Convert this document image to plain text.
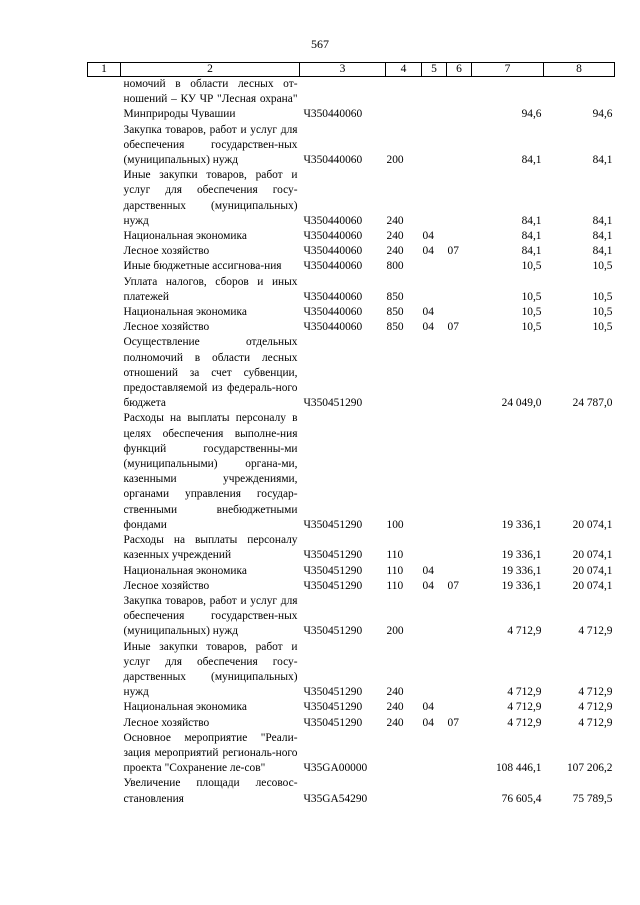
567
1	2	3	4	5	6	7	8
	номочий в области лесных от-ношений – КУ ЧР "Лесная охрана" Минприроды Чувашии	Ч350440060				94,6	94,6
	Закупка товаров, работ и услуг для обеспечения государствен-ных (муниципальных) нужд	Ч350440060	200			84,1	84,1
	Иные закупки товаров, работ и услуг для обеспечения госу-дарственных (муниципальных) нужд	Ч350440060	240			84,1	84,1
	Национальная экономика	Ч350440060	240	04		84,1	84,1
	Лесное хозяйство	Ч350440060	240	04	07	84,1	84,1
	Иные бюджетные ассигнова-ния	Ч350440060	800			10,5	10,5
	Уплата налогов, сборов и иных платежей	Ч350440060	850			10,5	10,5
	Национальная экономика	Ч350440060	850	04		10,5	10,5
	Лесное хозяйство	Ч350440060	850	04	07	10,5	10,5
	Осуществление отдельных полномочий в области лесных отношений за счет субвенции, предоставляемой из федераль-ного бюджета	Ч350451290				24 049,0	24 787,0
	Расходы на выплаты персоналу в целях обеспечения выполне-ния функций государственны-ми (муниципальными) органа-ми, казенными учреждениями, органами управления государ-ственными внебюджетными фондами	Ч350451290	100			19 336,1	20 074,1
	Расходы на выплаты персоналу казенных учреждений	Ч350451290	110			19 336,1	20 074,1
	Национальная экономика	Ч350451290	110	04		19 336,1	20 074,1
	Лесное хозяйство	Ч350451290	110	04	07	19 336,1	20 074,1
	Закупка товаров, работ и услуг для обеспечения государствен-ных (муниципальных) нужд	Ч350451290	200			4 712,9	4 712,9
	Иные закупки товаров, работ и услуг для обеспечения госу-дарственных (муниципальных) нужд	Ч350451290	240			4 712,9	4 712,9
	Национальная экономика	Ч350451290	240	04		4 712,9	4 712,9
	Лесное хозяйство	Ч350451290	240	04	07	4 712,9	4 712,9
	Основное мероприятие "Реали-зация мероприятий региональ-ного проекта "Сохранение ле-сов"	Ч35GA00000				108 446,1	107 206,2
	Увеличение площади лесовос-становления	Ч35GA54290				76 605,4	75 789,5
